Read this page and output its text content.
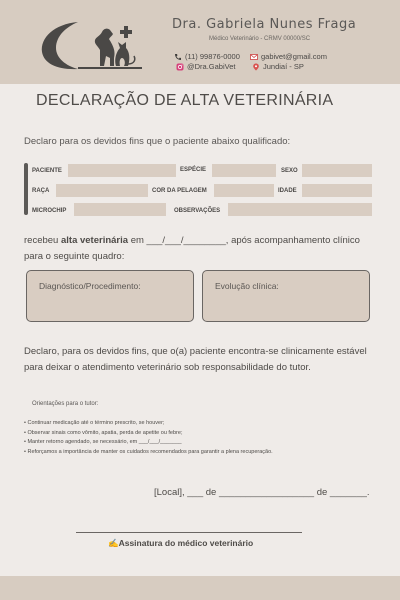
Dra. Gabriela Nunes Fraga
Médico Veterinário - CRMV 00000/SC
(11) 99876-0000	gabivet@gmail.com
@Dra.GabiVet	Jundiaí - SP
DECLARAÇÃO DE ALTA VETERINÁRIA
Declaro para os devidos fins que o paciente abaixo qualificado:
PACIENTE	ESPÉCIE	SEXO
RAÇA	COR DA PELAGEM	IDADE
MICROCHIP	OBSERVAÇÕES
recebeu alta veterinária em ___/___/________, após acompanhamento clínico
para o seguinte quadro:
Diagnóstico/Procedimento:	Evolução clínica:
Declaro, para os devidos fins, que o(a) paciente encontra-se clinicamente estável
para deixar o atendimento veterinário sob responsabilidade do tutor.
Orientações para o tutor:
• Continuar medicação até o término prescrito, se houver;
• Observar sinais como vômito, apatia, perda de apetite ou febre;
• Manter retorno agendado, se necessário, em ___/___/_______
• Reforçamos a importância de manter os cuidados recomendados para garantir a plena recuperação.
[Local], ___ de __________________ de _______.
✍Assinatura do médico veterinário
